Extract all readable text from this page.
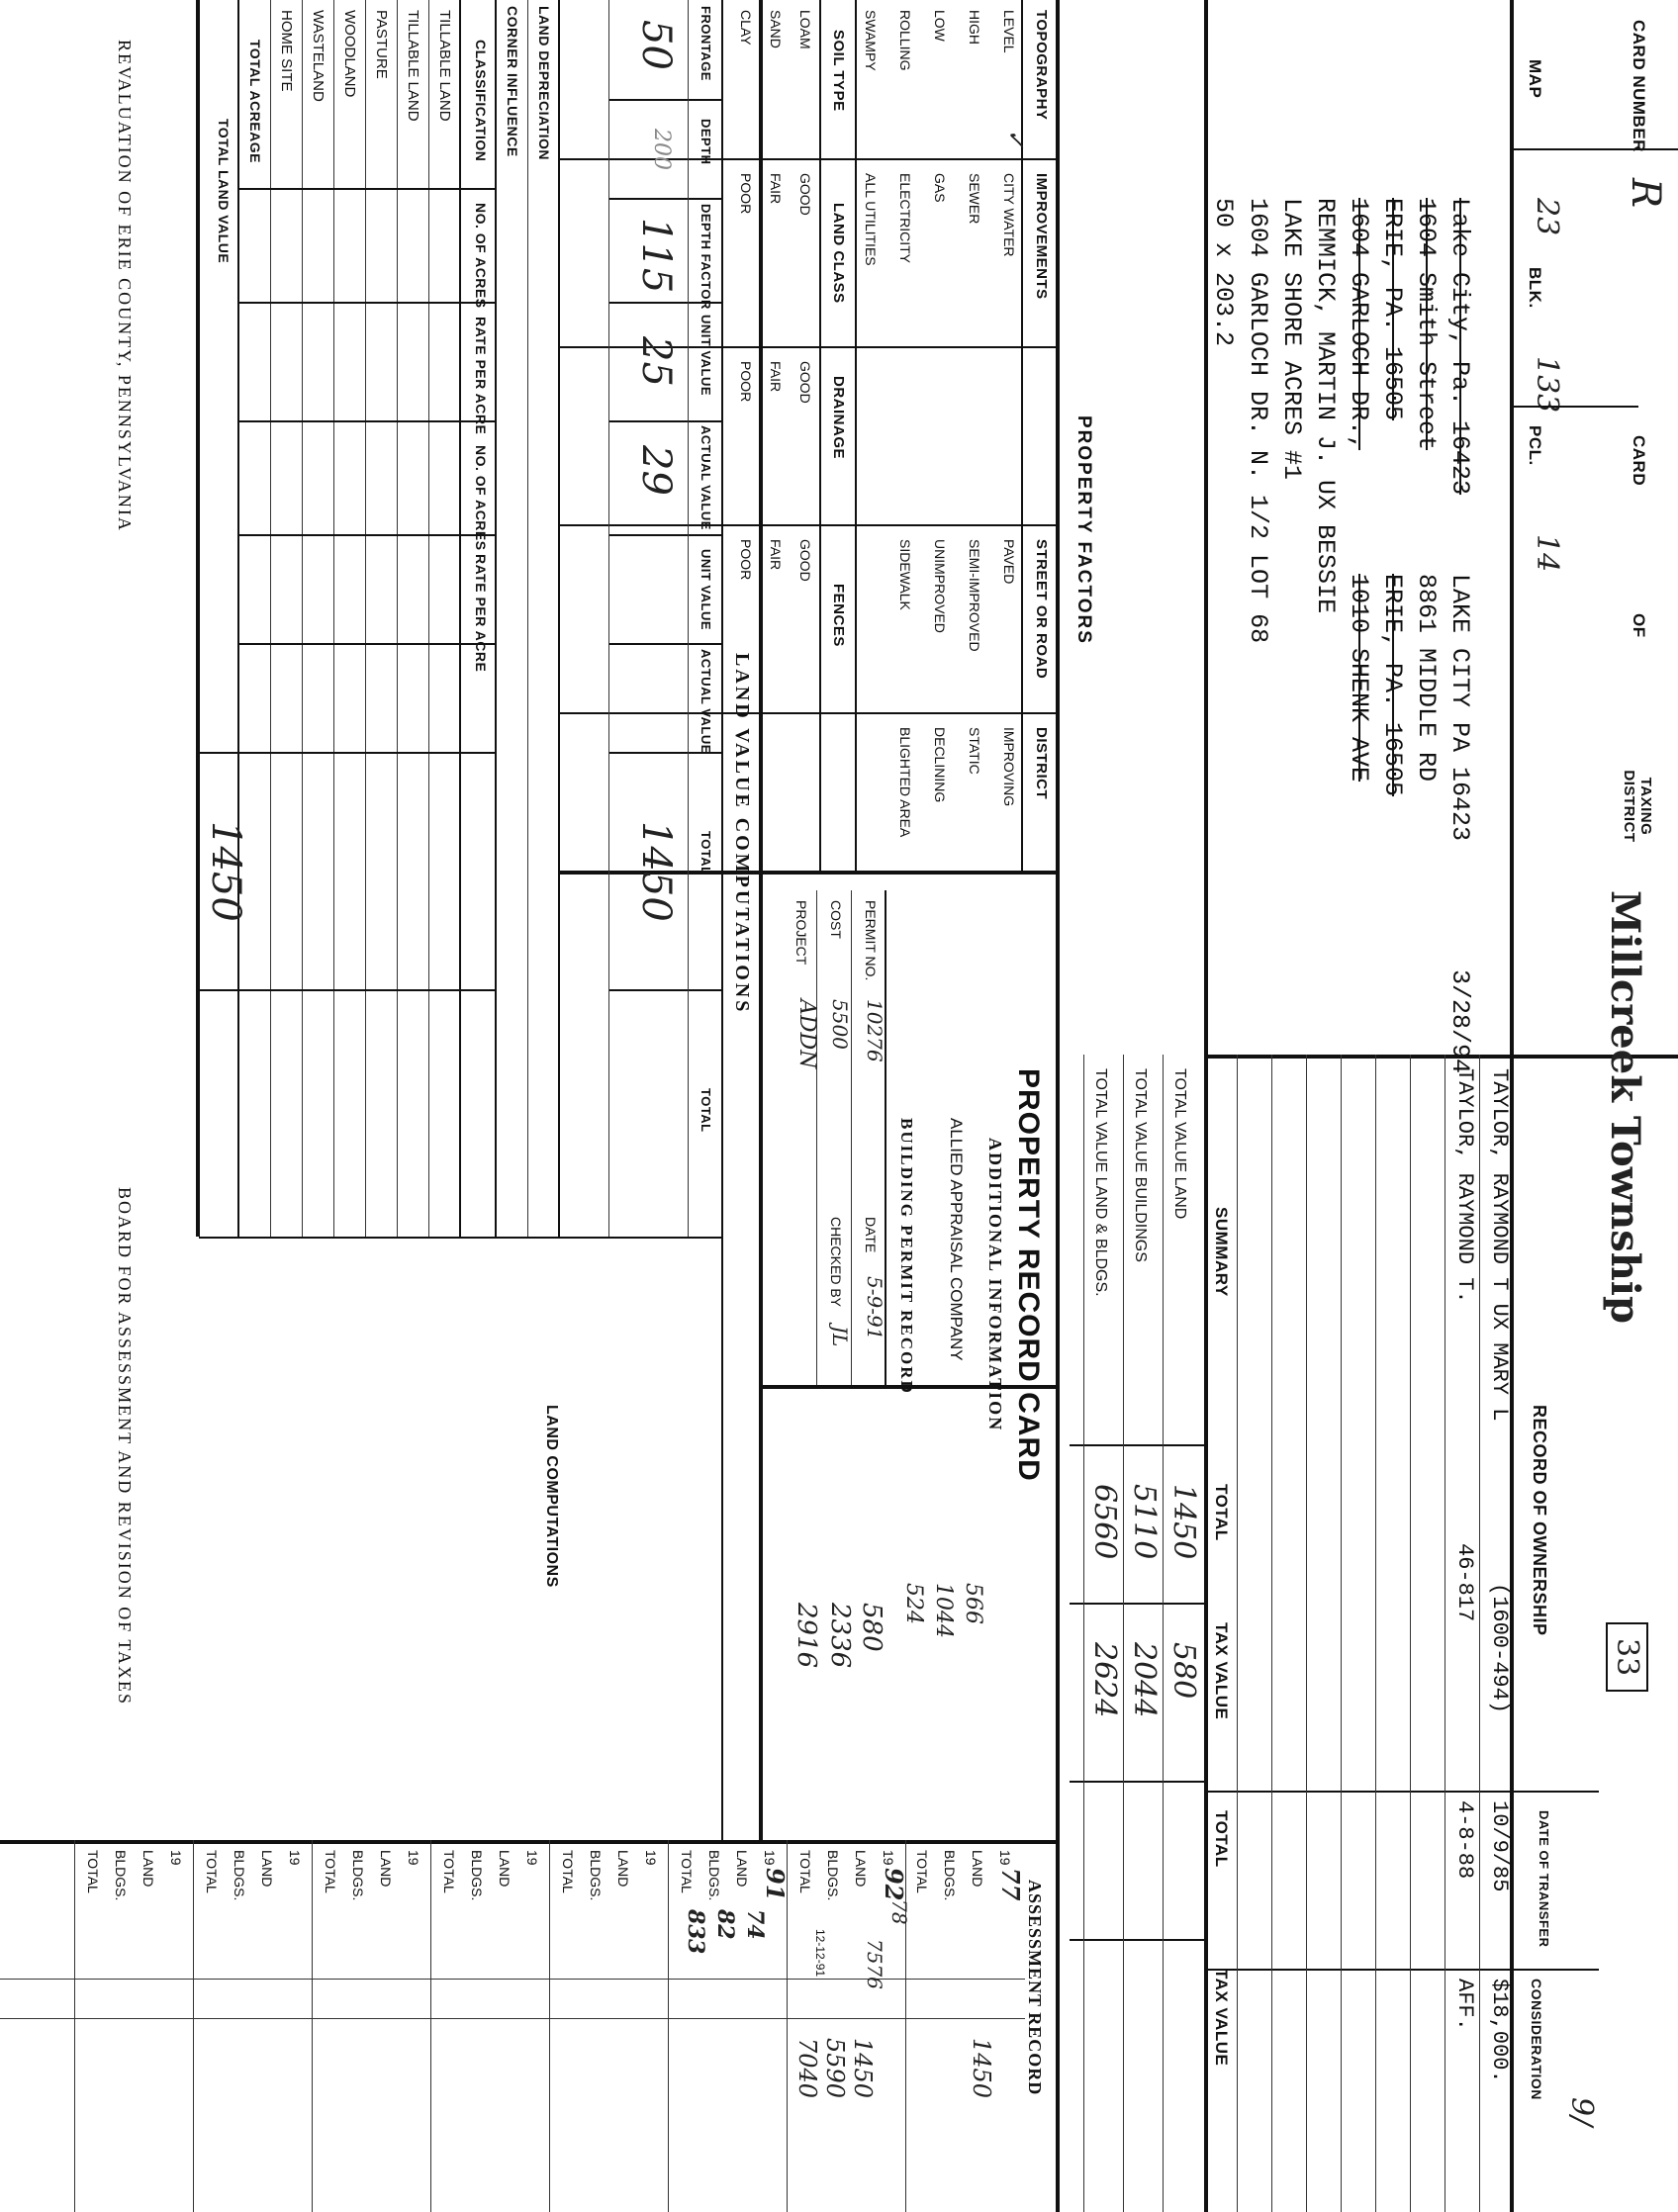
CARD NUMBER
R
MAP
23
BLK.
133
PCL.
14
CARD
OF
TAXING DISTRICT
Millcreek Township
33
9/
50 x 203.2 1604 GARLOCH DR. N. 1/2 LOT 68 LAKE SHORE ACRES #1 REMMICK, MARTIN J. UX BESSIE 1604 GARLOCH DR., ERIE, PA. 16505 1604 Smith Street Lake City, Pa. 16423
1010 SHENK AVE ERIE, PA. 16505 8861 MIDDLE RD LAKE CITY PA 16423
3/28/94
RECORD OF OWNERSHIP
DATE OF TRANSFER
CONSIDERATION
TAYLOR, RAYMOND T UX MARY L
(1600-494)
10/9/85
$18,000.
TAYLOR, RAYMOND T.
46-817
4-8-88
AFF.
SUMMARY
TOTAL
TAX VALUE
TOTAL
TAX VALUE
TOTAL VALUE LAND
1450
580
TOTAL VALUE BUILDINGS
5110
2044
TOTAL VALUE LAND & BLDGS.
6560
2624
PROPERTY FACTORS
TOPOGRAPHY
IMPROVEMENTS
STREET OR ROAD
DISTRICT
LEVEL
HIGH
LOW
ROLLING
SWAMPY
✓
CITY WATER
SEWER
GAS
ELECTRICITY
ALL UTILITIES
PAVED
SEMI-IMPROVED
UNIMPROVED
SIDEWALK
IMPROVING
STATIC
DECLINING
BLIGHTED AREA
SOIL TYPE
LAND CLASS
DRAINAGE
FENCES
LOAM
SAND
CLAY
GOOD
FAIR
POOR
GOOD
FAIR
POOR
GOOD
FAIR
POOR
PROPERTY RECORD CARD
ADDITIONAL INFORMATION
ALLIED APPRAISAL COMPANY
BUILDING PERMIT RECORD
PERMIT NO.
10276
DATE
5-9-91
COST
5500
CHECKED BY
JL
PROJECT
ADDN
566
1044
524
580
2336
2916
ASSESSMENT RECORD
19
77
LAND
BLDGS.
TOTAL
1450
19
92
LAND
BLDGS.
TOTAL
1450
5590
7040
78
7576
12-12-91
19
91
LAND
BLDGS.
TOTAL
74
82
83
3
19
LAND
BLDGS.
TOTAL
19
LAND
BLDGS.
TOTAL
19
LAND
BLDGS.
TOTAL
19
LAND
BLDGS.
TOTAL
19
LAND
BLDGS.
TOTAL
LAND VALUE COMPUTATIONS
FRONTAGE
DEPTH
DEPTH FACTOR
UNIT VALUE
ACTUAL VALUE
UNIT VALUE
ACTUAL VALUE
TOTAL
TOTAL
50
200
115
25
29
1450
LAND DEPRECIATION
CORNER INFLUENCE
CLASSIFICATION
NO. OF ACRES
RATE PER ACRE
NO. OF ACRES
RATE PER ACRE
TILLABLE LAND
TILLABLE LAND
PASTURE
WOODLAND
WASTELAND
HOME SITE
TOTAL ACREAGE
TOTAL LAND VALUE
1450
LAND COMPUTATIONS
REVALUATION OF ERIE COUNTY, PENNSYLVANIA
BOARD FOR ASSESSMENT AND REVISION OF TAXES
